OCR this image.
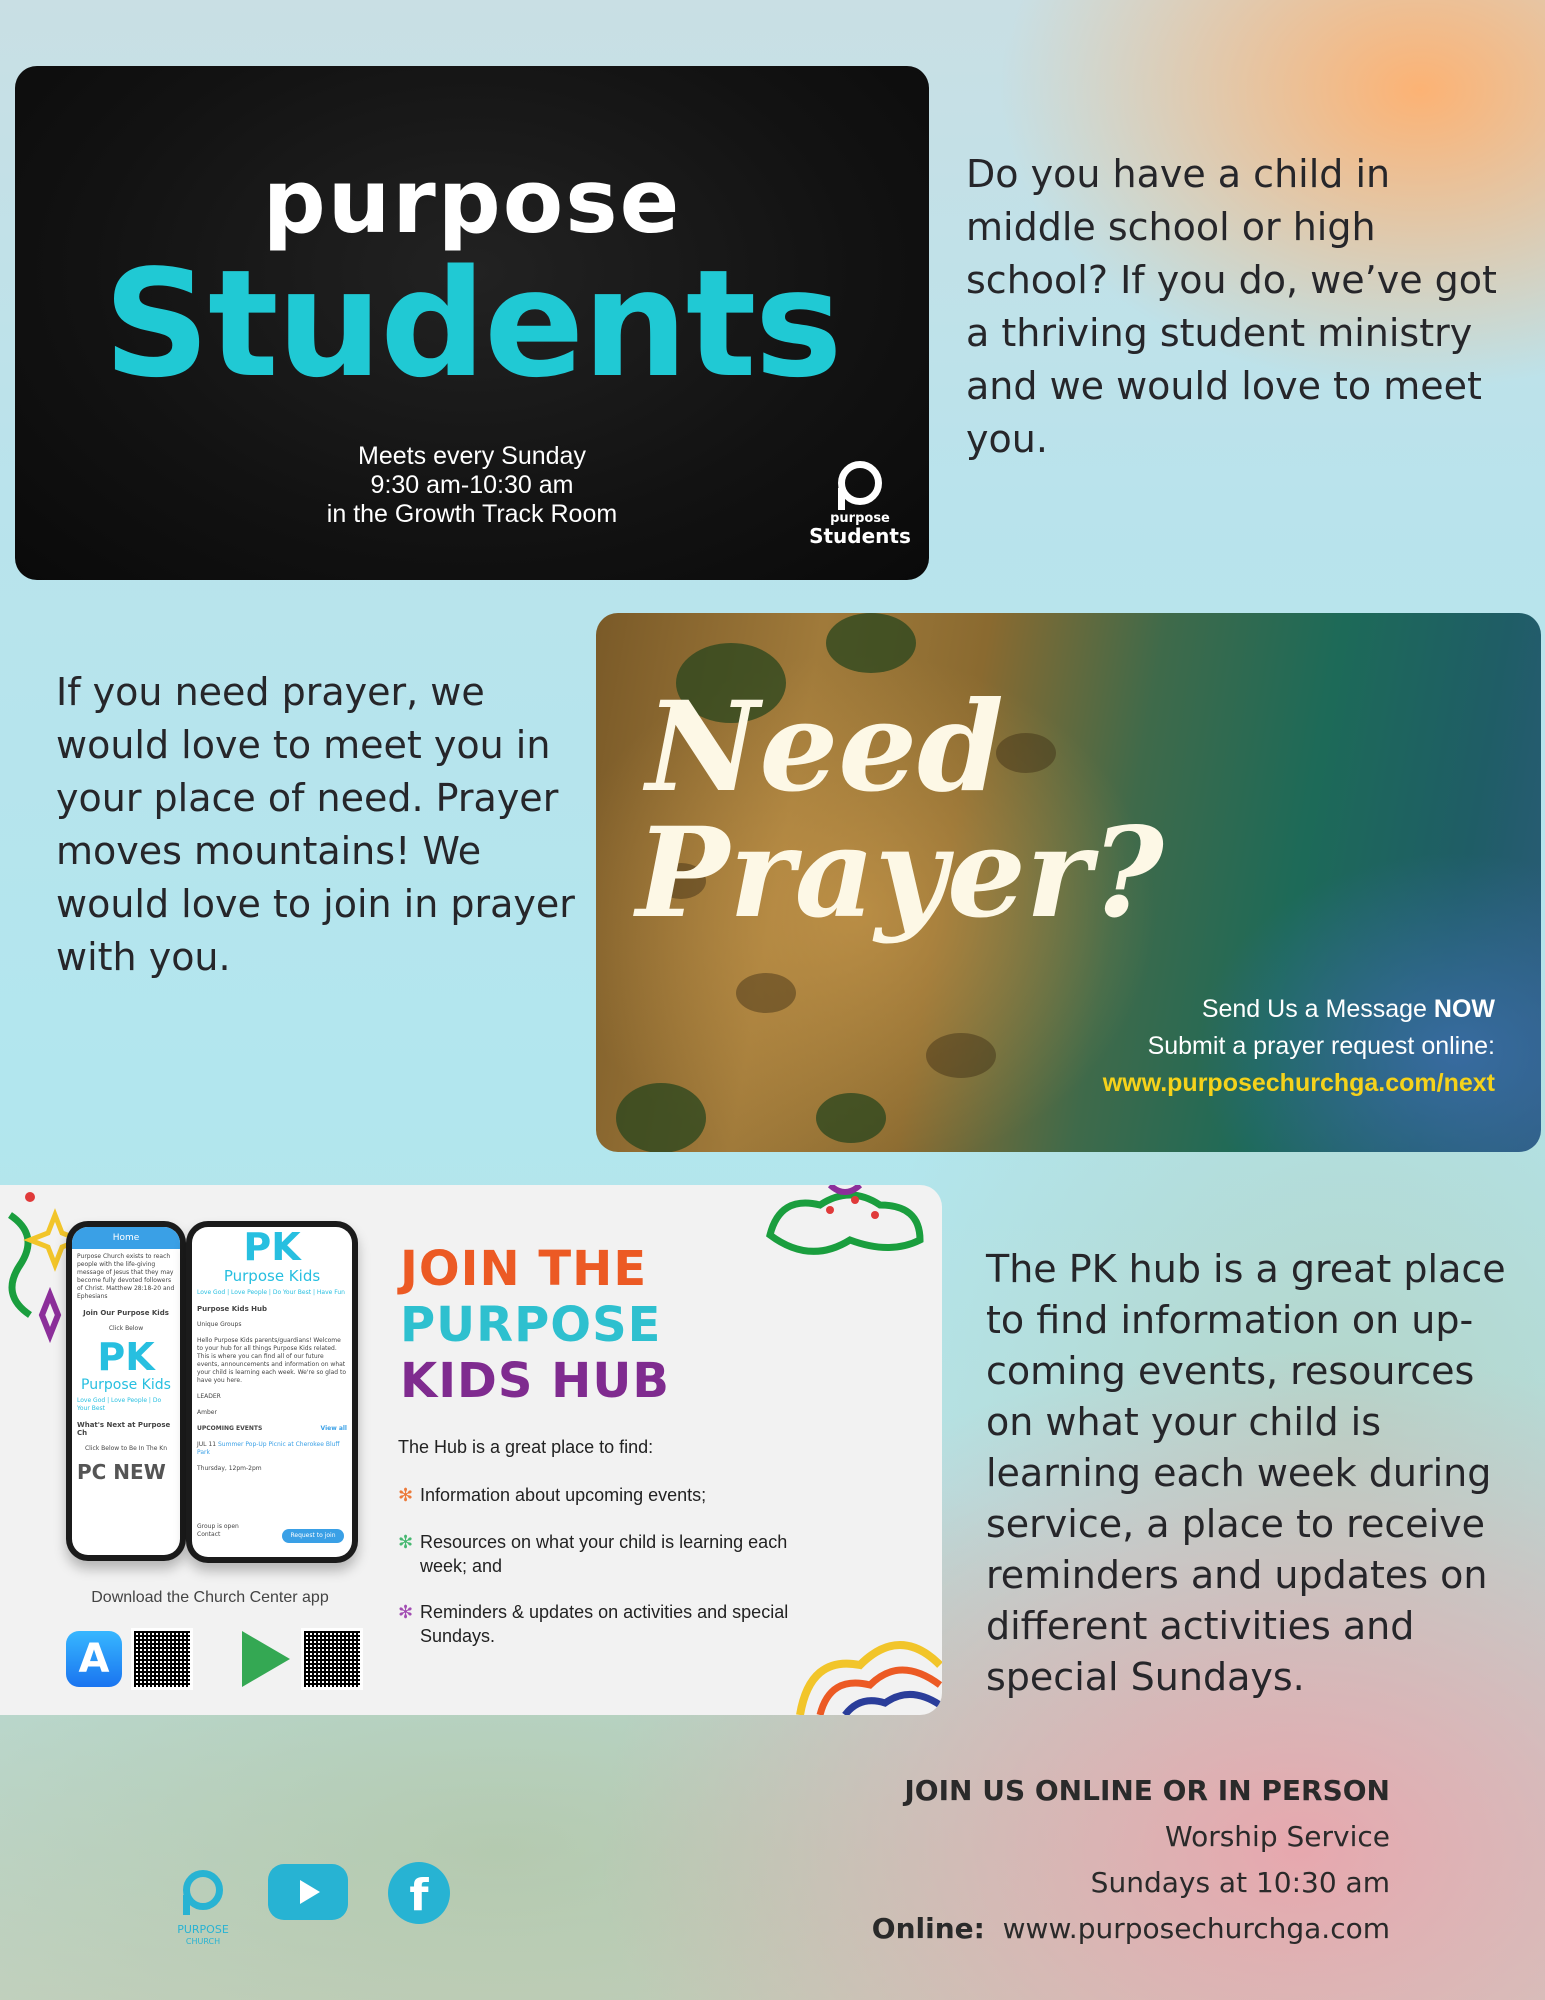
purpose
Students
Meets every Sunday
9:30 am-10:30 am
in the Growth Track Room	purpose
Students

Do you have a child in middle school or high school? If you do, we’ve got a thriving student ministry and we would love to meet you.

If you need prayer, we would love to meet you in your place of need. Prayer moves mountains! We would love to join in prayer with you.

Need
Prayer?
Send Us a Message NOW
Submit a prayer request online:
www.purposechurchga.com/next
Home
Purpose Church exists to reach people with the life-giving message of Jesus that they may become fully devoted followers of Christ. Matthew 28:18-20 and Ephesians
Join Our Purpose Kids
Click Below
PK
Purpose Kids
Love God | Love People | Do Your Best
What's Next at Purpose Ch
Click Below to Be In The Kn
PC NEW
PK
Purpose Kids
Love God | Love People | Do Your Best | Have Fun
Purpose Kids Hub
Unique Groups
Hello Purpose Kids parents/guardians! Welcome to your hub for all things Purpose Kids related. This is where you can find all of our future events, announcements and information on what your child is learning each week. We're so glad to have you here.
LEADER
Amber
UPCOMING EVENTS	View all
JUL 11 Summer Pop-Up Picnic at Cherokee Bluff Park
Thursday, 12pm-2pm
Group is open
Contact	Request to join
JOIN THE
PURPOSE
KIDS HUB
The Hub is a great place to find:
✻ Information about upcoming events;
✻ Resources on what your child is learning each week; and
✻ Reminders & updates on activities and special Sundays.
Download the Church Center app
A

The PK hub is a great place to find information on up-coming events, resources on what your child is learning each week during service, a place to receive reminders and updates on different activities and special Sundays.

JOIN US ONLINE OR IN PERSON
Worship Service
Sundays at 10:30 am
Online: www.purposechurchga.com
PURPOSE
CHURCH
f
